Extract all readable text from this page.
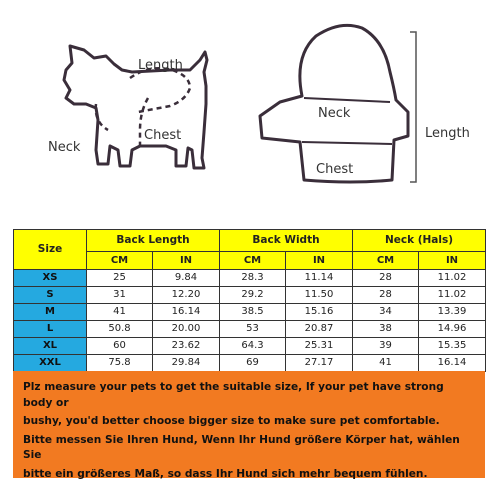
Length
Chest
Neck
Neck
Chest
Length
Size	Back Length		Back Width		Neck (Hals)	
	CM	IN	CM	IN	CM	IN
XS	25	9.84	28.3	11.14	28	11.02
S	31	12.20	29.2	11.50	28	11.02
M	41	16.14	38.5	15.16	34	13.39
L	50.8	20.00	53	20.87	38	14.96
XL	60	23.62	64.3	25.31	39	15.35
XXL	75.8	29.84	69	27.17	41	16.14

Plz measure your pets to get the suitable size, If your pet have strong body or

bushy, you'd better choose bigger size to make sure pet comfortable.

Bitte messen Sie Ihren Hund, Wenn Ihr Hund größere Körper hat, wählen Sie

bitte ein größeres Maß, so dass Ihr Hund sich mehr bequem fühlen.
